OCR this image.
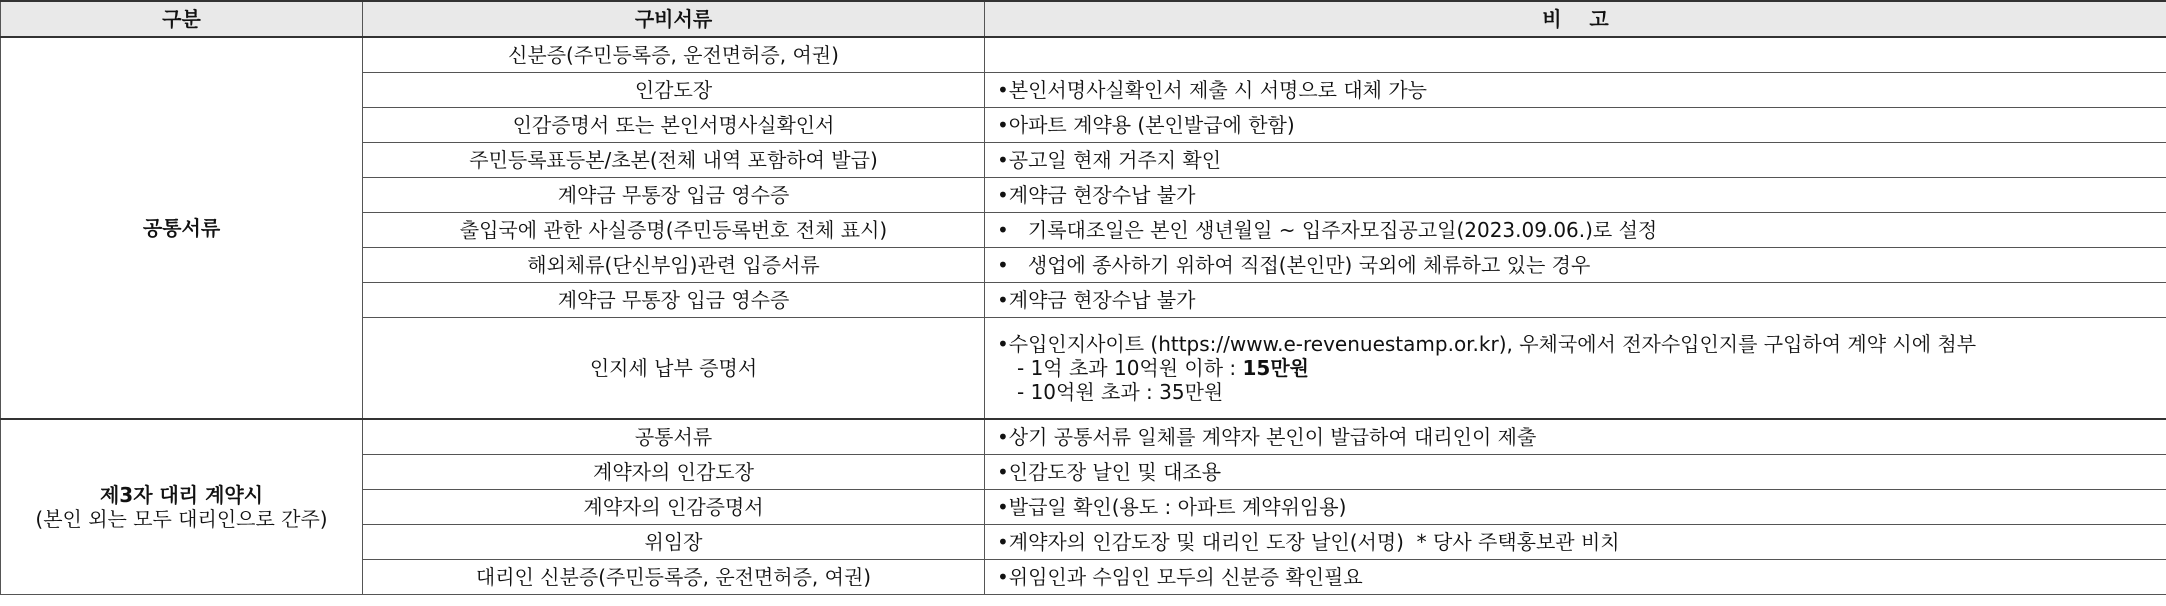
구분	구비서류	비    고
공통서류	신분증(주민등록증, 운전면허증, 여권)	
	인감도장	•본인서명사실확인서 제출 시 서명으로 대체 가능
	인감증명서 또는 본인서명사실확인서	•아파트 계약용 (본인발급에 한함)
	주민등록표등본/초본(전체 내역 포함하여 발급)	•공고일 현재 거주지 확인
	계약금 무통장 입금 영수증	•계약금 현장수납 불가
	출입국에 관한 사실증명(주민등록번호 전체 표시)	•   기록대조일은 본인 생년월일 ~ 입주자모집공고일(2023.09.06.)로 설정
	해외체류(단신부임)관련 입증서류	•   생업에 종사하기 위하여 직접(본인만) 국외에 체류하고 있는 경우
	계약금 무통장 입금 영수증	•계약금 현장수납 불가
	인지세 납부 증명서	•수입인지사이트 (https://www.e-revenuestamp.or.kr), 우체국에서 전자수입인지를 구입하여 계약 시에 첨부
- 1억 초과 10억원 이하 : 15만원
- 10억원 초과 : 35만원

제3자 대리 계약시
(본인 외는 모두 대리인으로 간주)	공통서류	•상기 공통서류 일체를 계약자 본인이 발급하여 대리인이 제출
	계약자의 인감도장	•인감도장 날인 및 대조용
	계약자의 인감증명서	•발급일 확인(용도 : 아파트 계약위임용)
	위임장	•계약자의 인감도장 및 대리인 도장 날인(서명)  * 당사 주택홍보관 비치
	대리인 신분증(주민등록증, 운전면허증, 여권)	•위임인과 수임인 모두의 신분증 확인필요
